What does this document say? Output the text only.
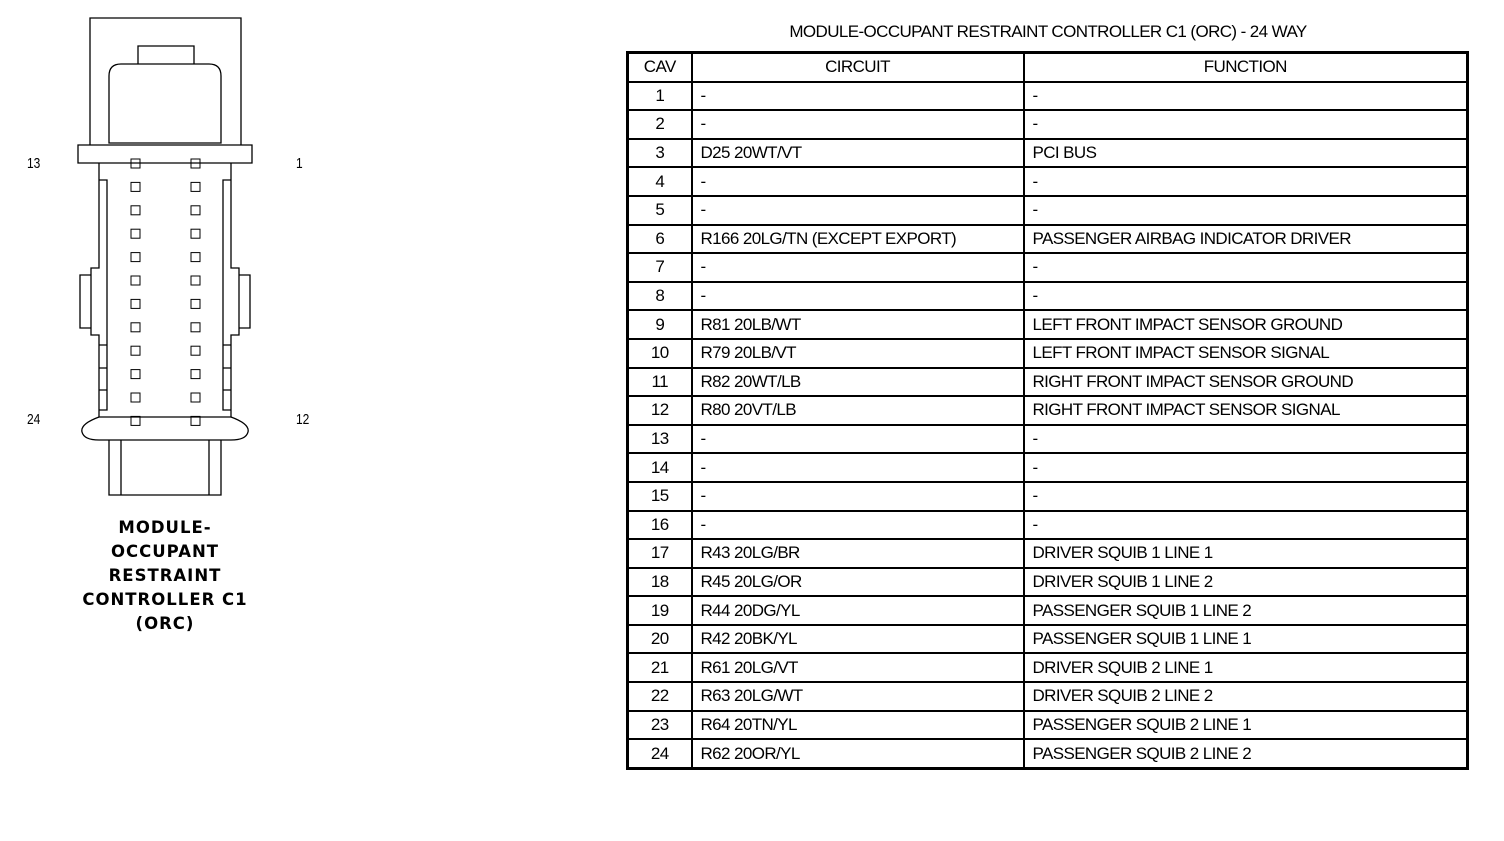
13	1
24	12
MODULE-
OCCUPANT
RESTRAINT
CONTROLLER C1
(ORC)
MODULE-OCCUPANT RESTRAINT CONTROLLER C1 (ORC) - 24 WAY
CAV	CIRCUIT	FUNCTION
1	-	-
2	-	-
3	D25 20WT/VT	PCI BUS
4	-	-
5	-	-
6	R166 20LG/TN (EXCEPT EXPORT)	PASSENGER AIRBAG INDICATOR DRIVER
7	-	-
8	-	-
9	R81 20LB/WT	LEFT FRONT IMPACT SENSOR GROUND
10	R79 20LB/VT	LEFT FRONT IMPACT SENSOR SIGNAL
11	R82 20WT/LB	RIGHT FRONT IMPACT SENSOR GROUND
12	R80 20VT/LB	RIGHT FRONT IMPACT SENSOR SIGNAL
13	-	-
14	-	-
15	-	-
16	-	-
17	R43 20LG/BR	DRIVER SQUIB 1 LINE 1
18	R45 20LG/OR	DRIVER SQUIB 1 LINE 2
19	R44 20DG/YL	PASSENGER SQUIB 1 LINE 2
20	R42 20BK/YL	PASSENGER SQUIB 1 LINE 1
21	R61 20LG/VT	DRIVER SQUIB 2 LINE 1
22	R63 20LG/WT	DRIVER SQUIB 2 LINE 2
23	R64 20TN/YL	PASSENGER SQUIB 2 LINE 1
24	R62 20OR/YL	PASSENGER SQUIB 2 LINE 2
